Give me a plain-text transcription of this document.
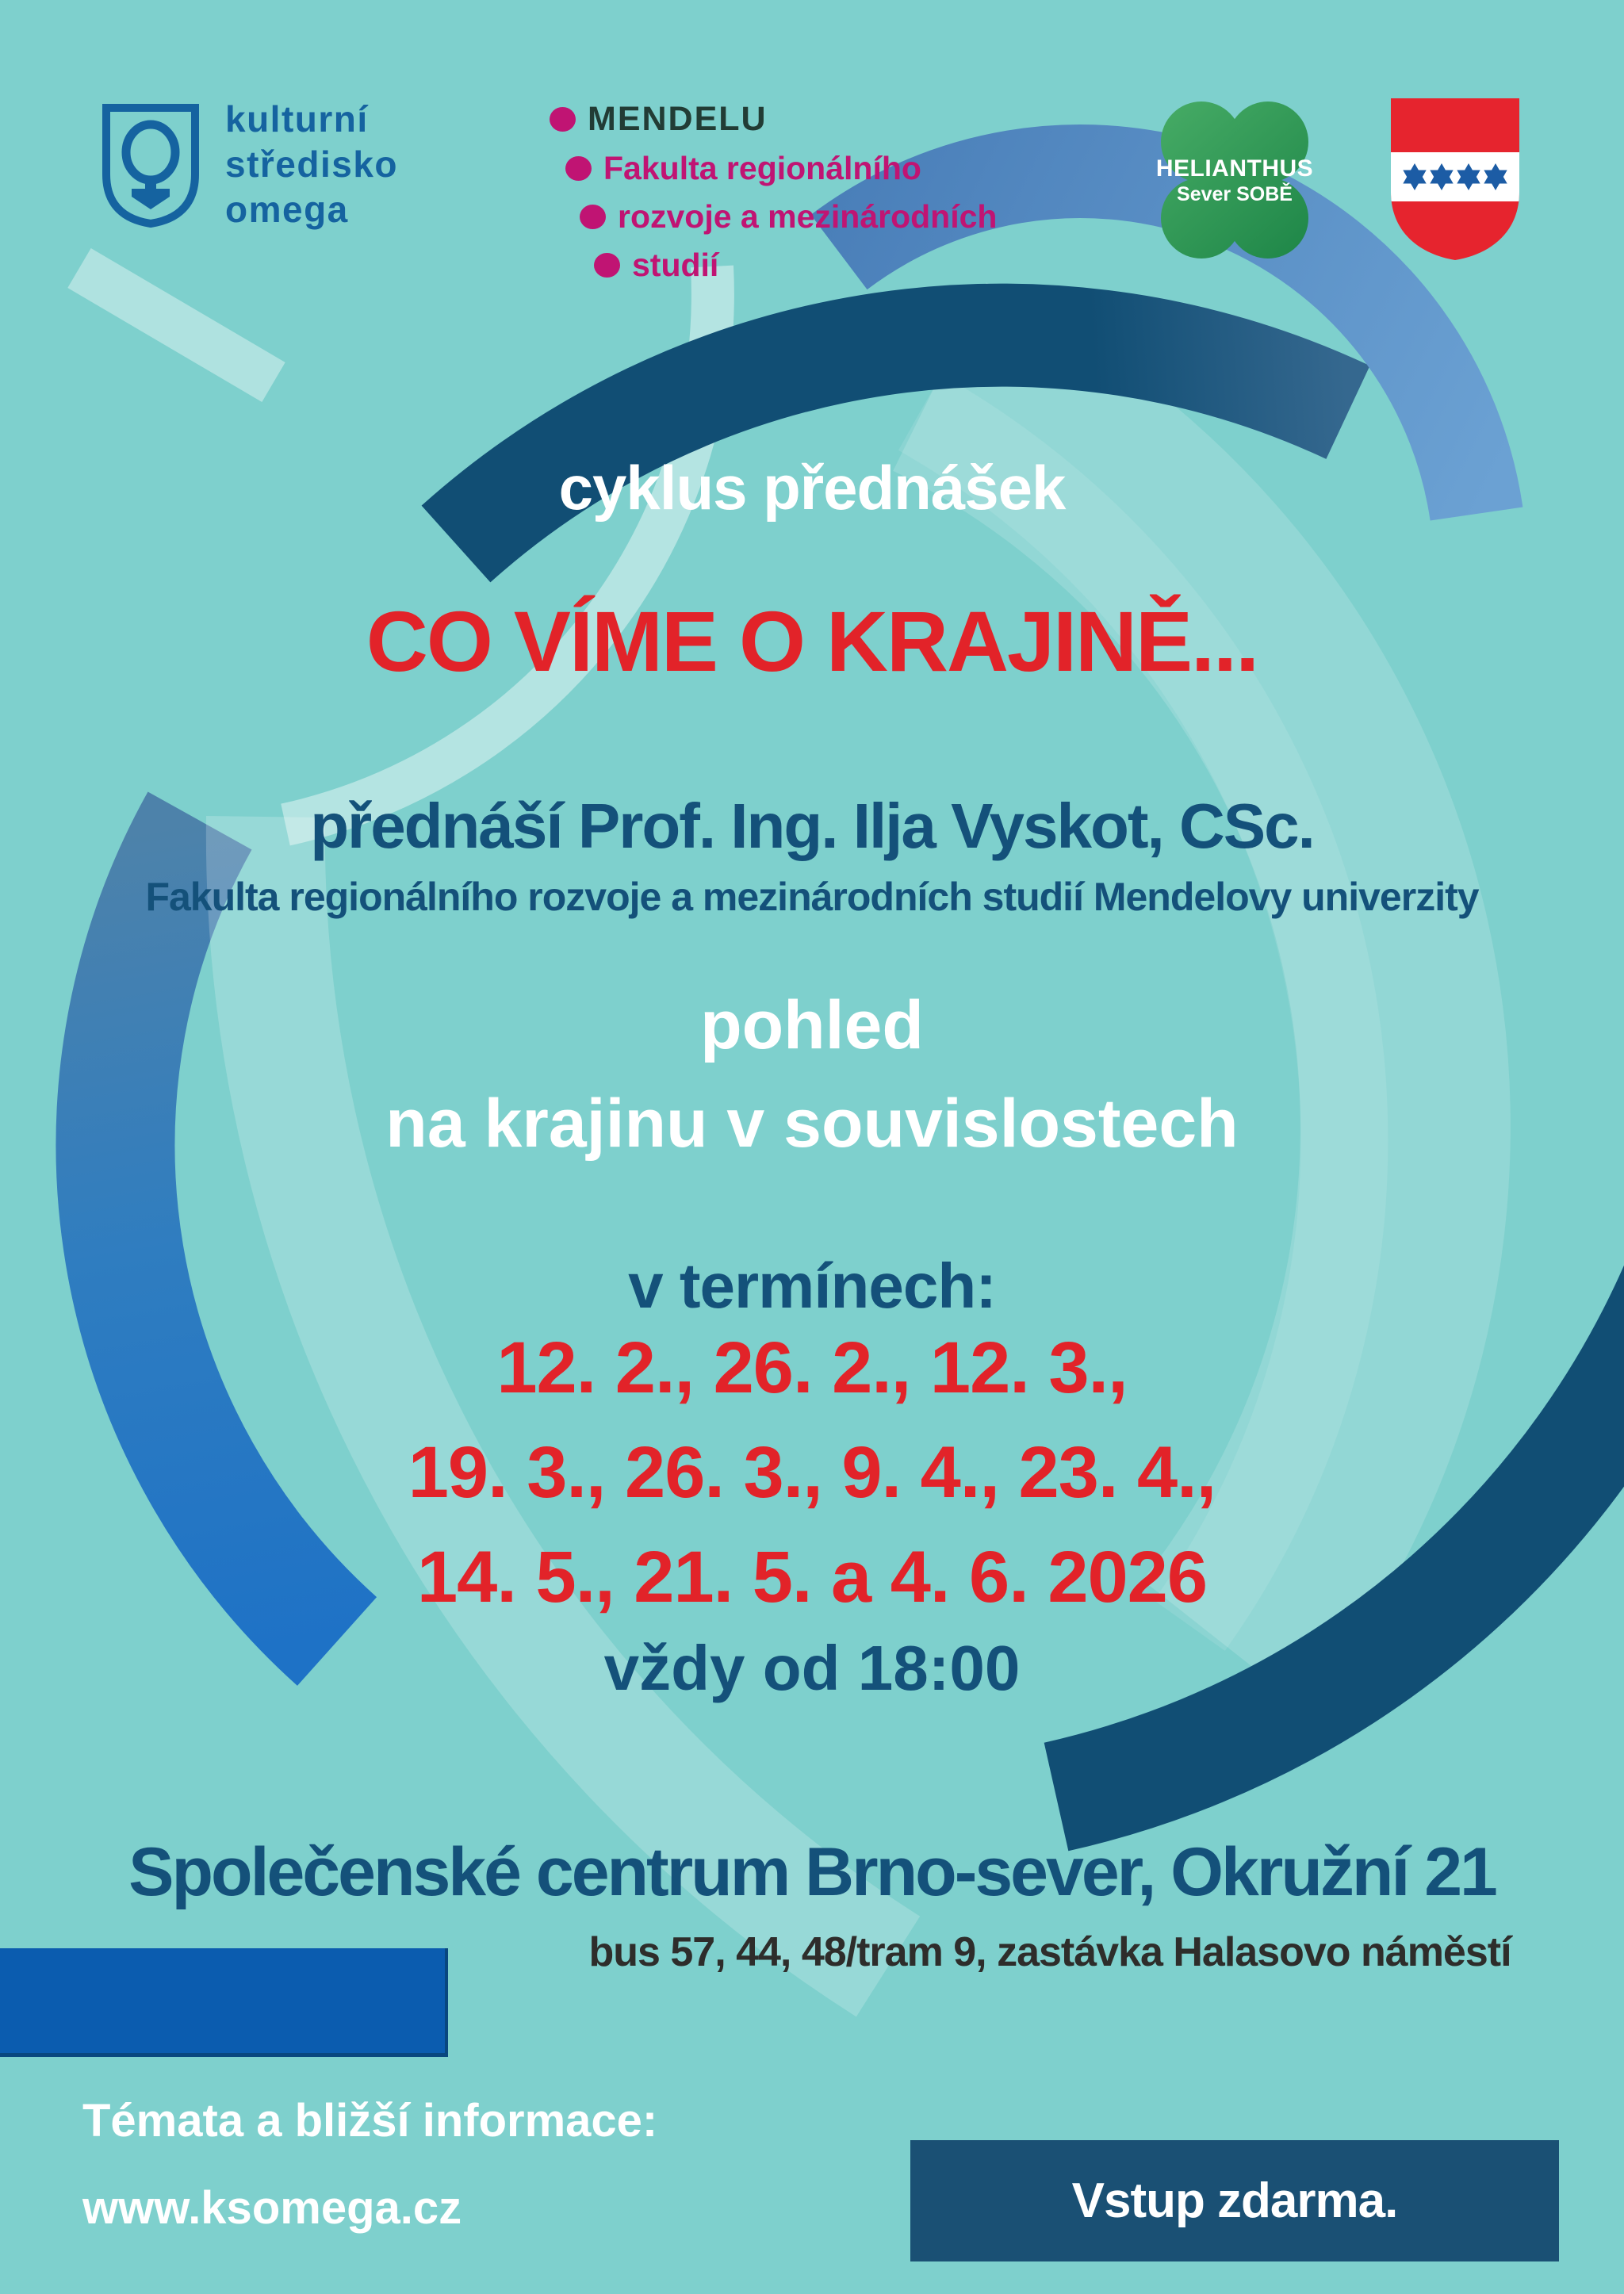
kulturní
středisko
omega
MENDELU
Fakulta regionálního
rozvoje a mezinárodních
studií
HELIANTHUS
Sever SOBĚ
cyklus přednášek
CO VÍME O KRAJINĚ...
přednáší Prof. Ing. Ilja Vyskot, CSc.
Fakulta regionálního rozvoje a mezinárodních studií Mendelovy univerzity
pohled
na krajinu v souvislostech
v termínech:
12. 2., 26. 2., 12. 3.,
19. 3., 26. 3., 9. 4., 23. 4.,
14. 5., 21. 5. a 4. 6. 2026
vždy od 18:00
Společenské centrum Brno-sever, Okružní 21
bus 57, 44, 48/tram 9, zastávka Halasovo náměstí
Témata a bližší informace:
www.ksomega.cz	Vstup zdarma.
